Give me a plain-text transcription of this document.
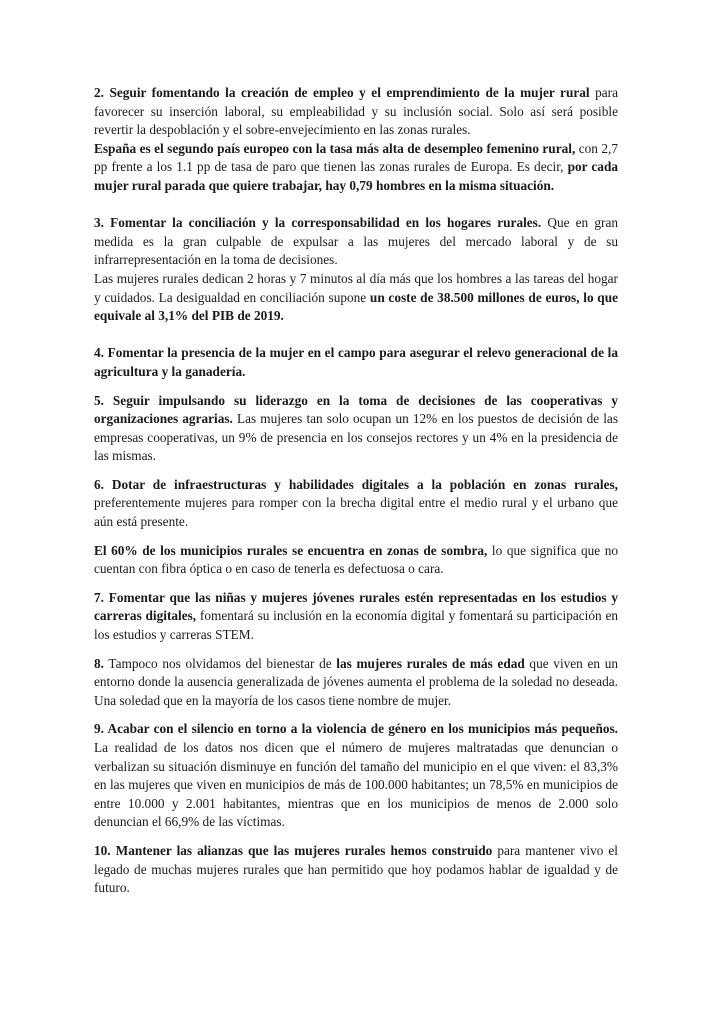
2. Seguir fomentando la creación de empleo y el emprendimiento de la mujer rural para favorecer su inserción laboral, su empleabilidad y su inclusión social. Solo así será posible revertir la despoblación y el sobre-envejecimiento en las zonas rurales.

España es el segundo país europeo con la tasa más alta de desempleo femenino rural, con 2,7 pp frente a los 1.1 pp de tasa de paro que tienen las zonas rurales de Europa. Es decir, por cada mujer rural parada que quiere trabajar, hay 0,79 hombres en la misma situación.

3. Fomentar la conciliación y la corresponsabilidad en los hogares rurales. Que en gran medida es la gran culpable de expulsar a las mujeres del mercado laboral y de su infrarrepresentación en la toma de decisiones.

Las mujeres rurales dedican 2 horas y 7 minutos al día más que los hombres a las tareas del hogar y cuidados. La desigualdad en conciliación supone un coste de 38.500 millones de euros, lo que equivale al 3,1% del PIB de 2019.

4. Fomentar la presencia de la mujer en el campo para asegurar el relevo generacional de la agricultura y la ganadería.

5. Seguir impulsando su liderazgo en la toma de decisiones de las cooperativas y organizaciones agrarias. Las mujeres tan solo ocupan un 12% en los puestos de decisión de las empresas cooperativas, un 9% de presencia en los consejos rectores y un 4% en la presidencia de las mismas.

6. Dotar de infraestructuras y habilidades digitales a la población en zonas rurales, preferentemente mujeres para romper con la brecha digital entre el medio rural y el urbano que aún está presente.

El 60% de los municipios rurales se encuentra en zonas de sombra, lo que significa que no cuentan con fibra óptica o en caso de tenerla es defectuosa o cara.

7. Fomentar que las niñas y mujeres jóvenes rurales estén representadas en los estudios y carreras digitales, fomentará su inclusión en la economía digital y fomentará su participación en los estudios y carreras STEM.

8. Tampoco nos olvidamos del bienestar de las mujeres rurales de más edad que viven en un entorno donde la ausencia generalizada de jóvenes aumenta el problema de la soledad no deseada. Una soledad que en la mayoría de los casos tiene nombre de mujer.

9. Acabar con el silencio en torno a la violencia de género en los municipios más pequeños. La realidad de los datos nos dicen que el número de mujeres maltratadas que denuncian o verbalizan su situación disminuye en función del tamaño del municipio en el que viven: el 83,3% en las mujeres que viven en municipios de más de 100.000 habitantes; un 78,5% en municipios de entre 10.000 y 2.001 habitantes, mientras que en los municipios de menos de 2.000 solo denuncian el 66,9% de las víctimas.

10. Mantener las alianzas que las mujeres rurales hemos construido para mantener vivo el legado de muchas mujeres rurales que han permitido que hoy podamos hablar de igualdad y de futuro.
